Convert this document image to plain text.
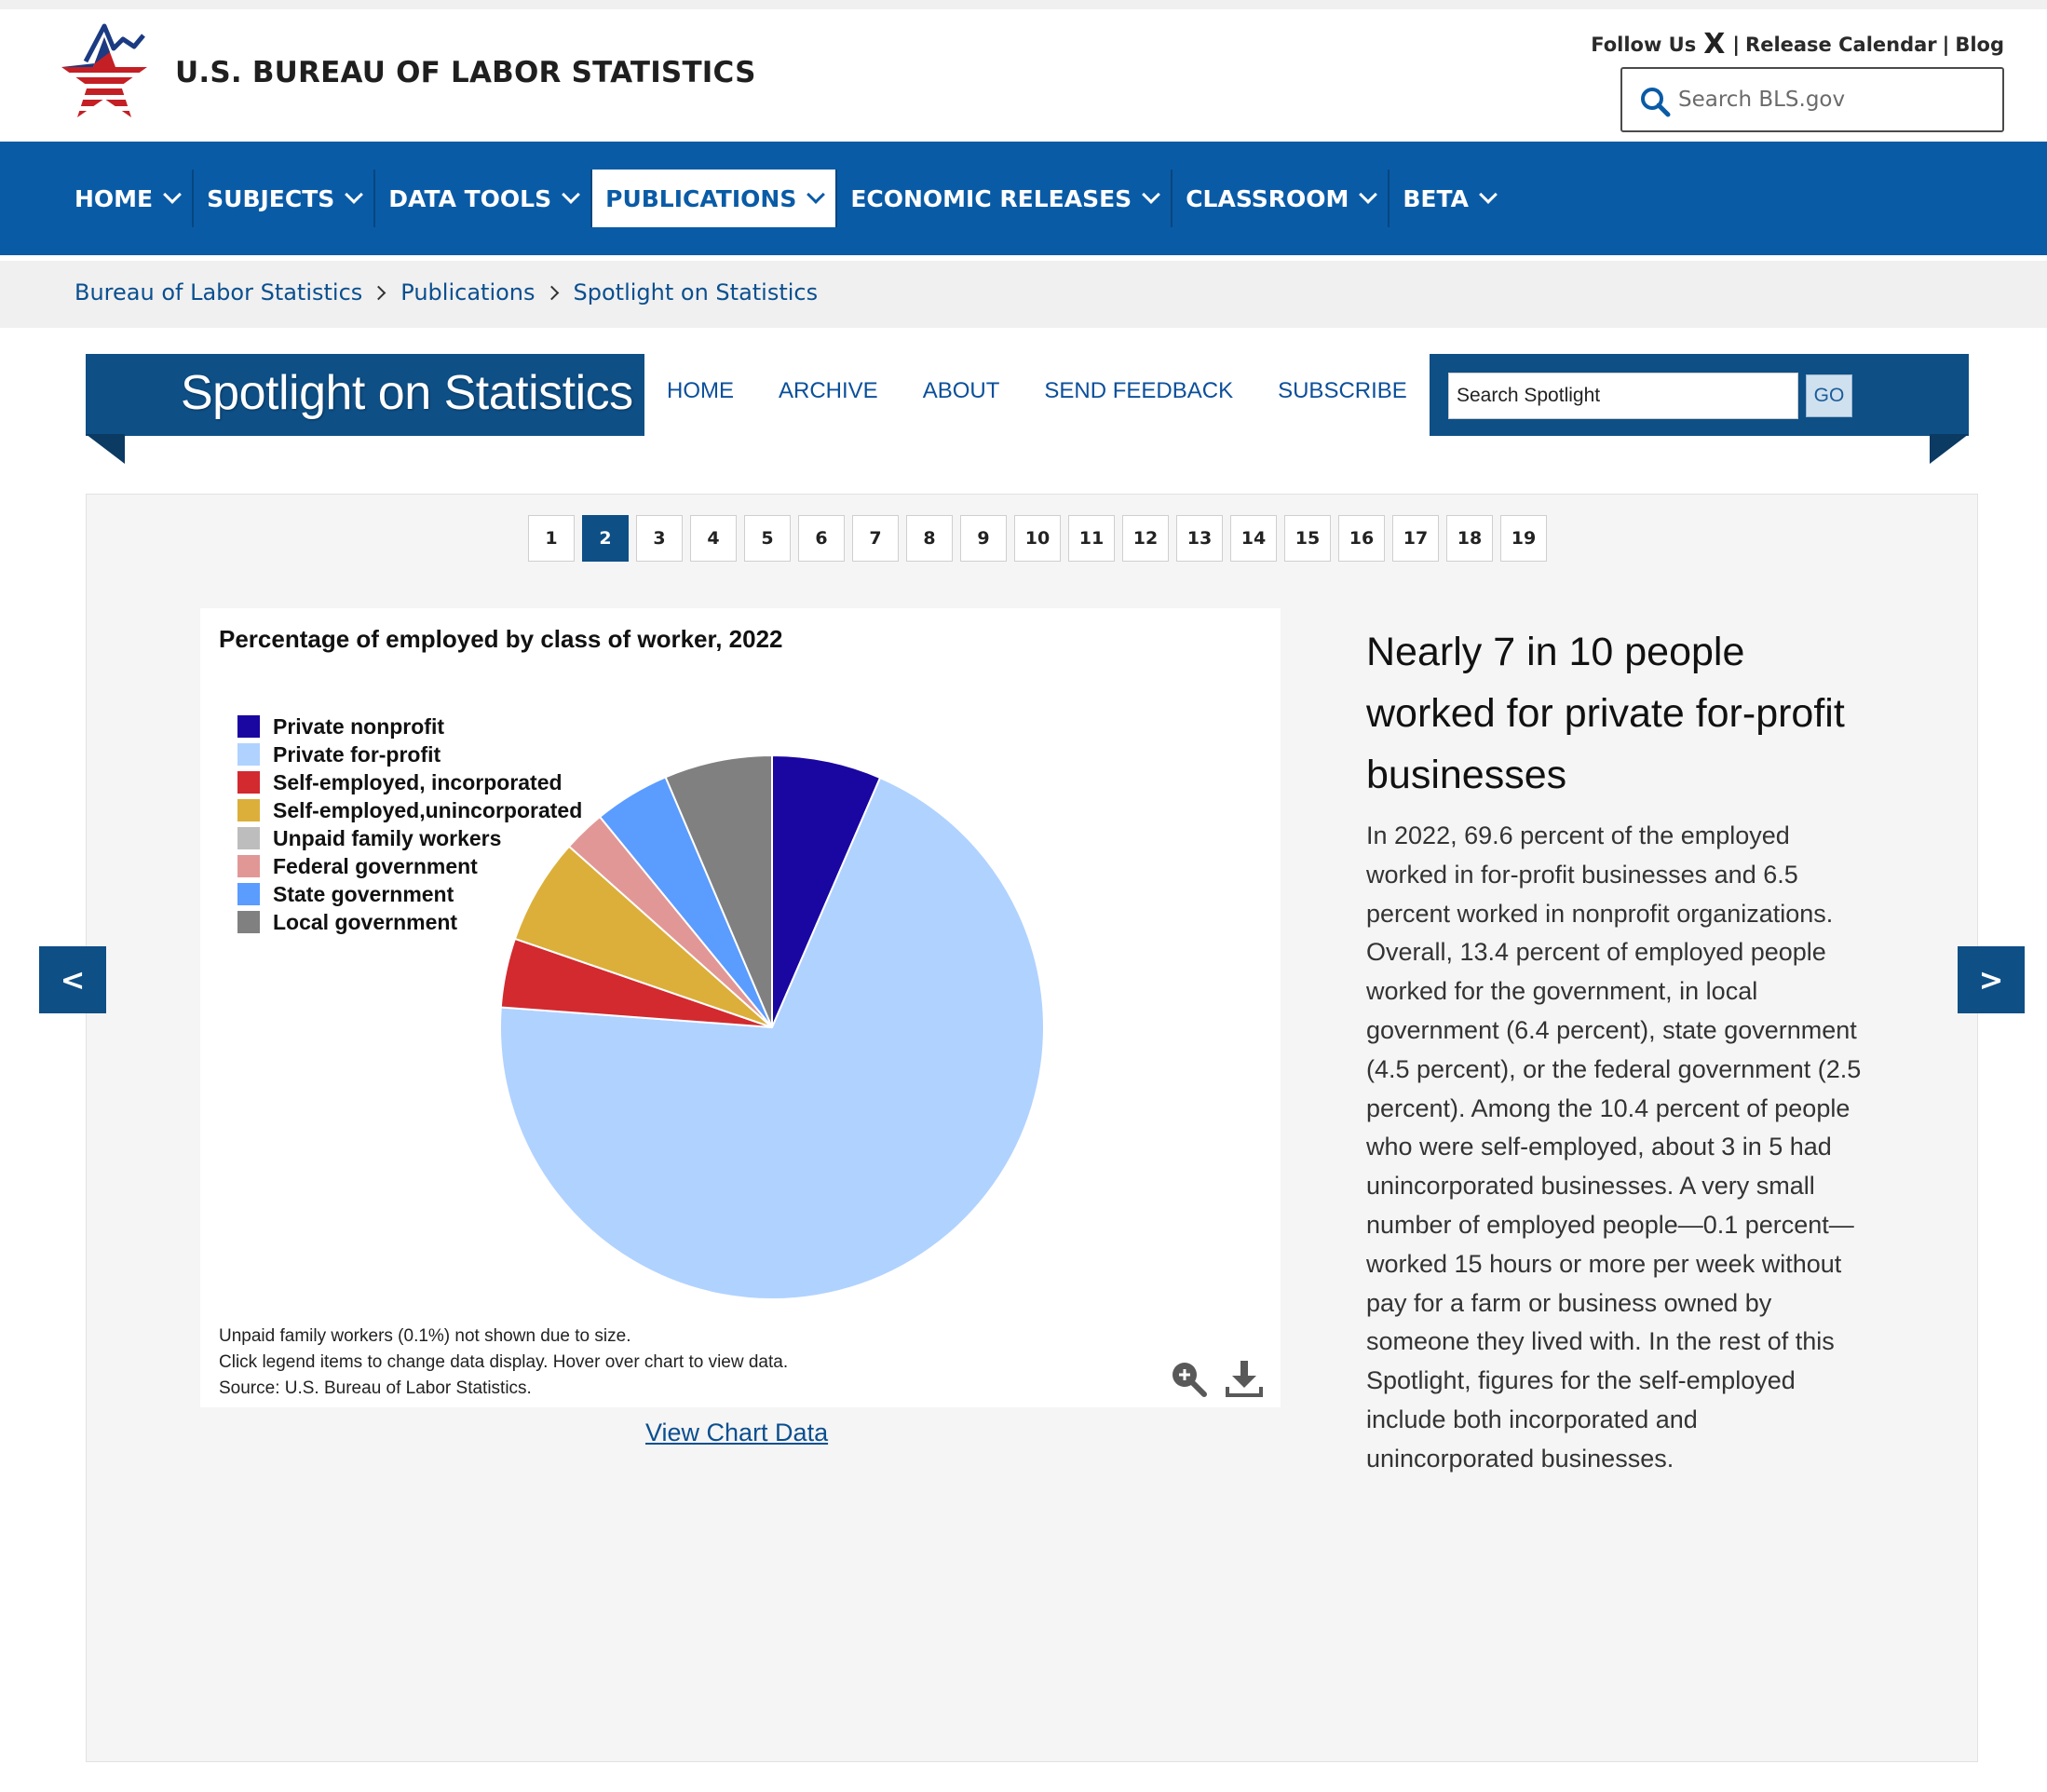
U.S. BUREAU OF LABOR STATISTICS
Follow Us X | Release Calendar | Blog
Search BLS.gov
HOME SUBJECTS DATA TOOLS PUBLICATIONS ECONOMIC RELEASES CLASSROOM BETA
Bureau of Labor Statistics Publications Spotlight on Statistics
Spotlight on Statistics HOME ARCHIVE ABOUT SEND FEEDBACK SUBSCRIBE
Search Spotlight	GO
1	2	3	4	5	6	7	8	9	10	11	12	13	14	15	16	17	18	19
Percentage of employed by class of worker, 2022
Private nonprofit
Private for-profit
Self-employed, incorporated
Self-employed,unincorporated
Unpaid family workers
Federal government
State government
Local government
Unpaid family workers (0.1%) not shown due to size.
Click legend items to change data display. Hover over chart to view data.
Source: U.S. Bureau of Labor Statistics.
View Chart Data
Nearly 7 in 10 people worked for private for-profit businesses

In 2022, 69.6 percent of the employed worked in for-profit businesses and 6.5 percent worked in nonprofit organizations. Overall, 13.4 percent of employed people worked for the government, in local government (6.4 percent), state government (4.5 percent), or the federal government (2.5 percent). Among the 10.4 percent of people who were self-employed, about 3 in 5 had unincorporated businesses. A very small number of employed people—0.1 percent—worked 15 hours or more per week without pay for a farm or business owned by someone they lived with. In the rest of this Spotlight, figures for the self-employed include both incorporated and unincorporated businesses.

<	>
